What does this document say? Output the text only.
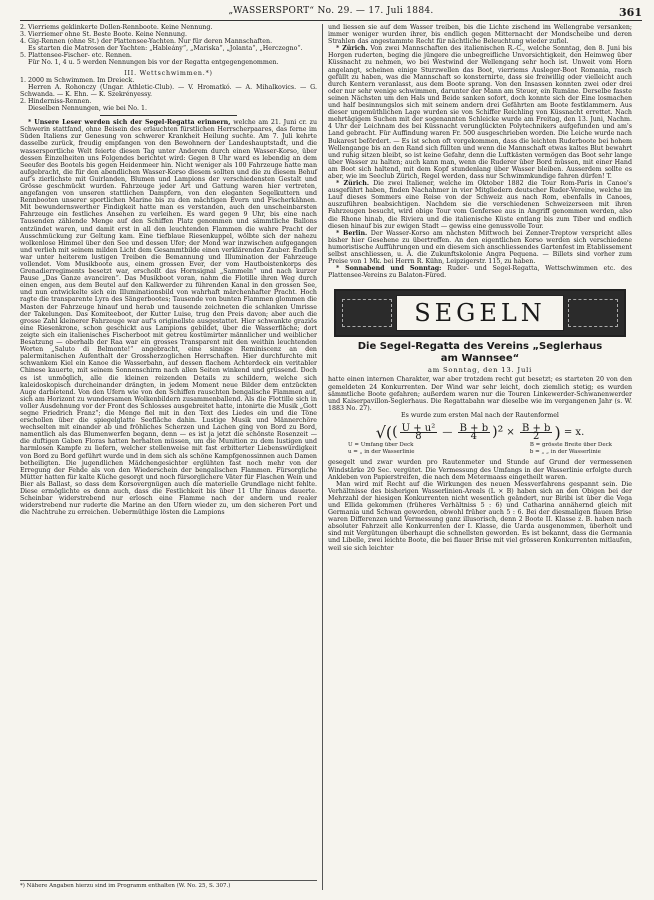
„WASSERSPORT“ No. 29. — 17. Juli 1884.	361

2. Vierriems geklinkerte Dollen-Rennboote. Keine Nennung.

3. Vierriemer ohne St. Beste Boote. Keine Nennung.

4. Gig-Rennen (ohne St.) der Plattensee-Yachten. Nur für deren Mannschaften.

Es starten die Matrosen der Yachten: „Hableány“, „Mariska“, „Jolanta“, „Herczegno“.

5. Plattensee-Fischer- etc. Rennen.

Für No. 1, 4 u. 5 werden Nennungen bis vor der Regatta entgegengenommen.

III. Wettschwimmen.*)

1. 2000 m Schwimmen. Im Dreieck.

Herren A. Rohonczy (Ungar. Athletic-Club). — V. Hromatkó. — A. Mihalkovics. — G. Schwanda. — K. Ehn. — K. Szekrényessy.

2. Hinderniss-Rennen.

Dieselben Nennungen, wie bei No. 1.

* Unsere Leser werden sich der Segel-Regatta erinnern, welche am 21. Juni cr. zu Schwerin stattfand, ohne Beisein des erlauchten fürstlichen Herrscherpaares, das ferne im Süden Italiens zur Genesung von schwerer Krankheit Heilung suchte. Am 7. Juli kehrte dasselbe zurück, freudig empfangen von den Bewohnern der Landeshauptstadt, und die wassersportliche Welt feierte diesen Tag unter Anderem durch einen Wasser-Korso, über dessen Einzelheiten uns Folgendes berichtet wird: Gegen 8 Uhr ward es lebendig an dem Seeufer des Bootels bis gegen Heidenmeer hin. Nicht weniger als 100 Fahrzeuge hatte man aufgebracht, die für den abendlichen Wasser-Korso diesem sollten und die zu diesem Behuf auf's zierlichste mit Guirlanden, Blumen und Lampions der verschiedensten Gestalt und Grösse geschmückt wurden. Fahrzeuge jeder Art und Gattung waren hier vertreten, angefangen von unseren stattlichen Dampfern, von den eleganten Segelkuttern und Rennbooten unserer sportlichen Marine bis zu den mächtigen Evern und Fischerkähnen. Mit bewundernswerther Findigkeit hatte man es verstanden, auch den unscheinbarsten Fahrzeuge ein festliches Ansehen zu verleihen. Es ward gegen 9 Uhr, bis eine nach Tausenden zählende Menge auf den Schiffen Platz genommen und sämmtliche Ballons entzündet waren, und damit erst in all den leuchtenden Flammen die wahre Pracht der Ausschmückung zur Geltung kam. Eine tiefblaue Riesenkuppel, wölbte sich der nahezu wolkenlose Himmel über den See und dessen Ufer; der Mond war inzwischen aufgegangen und verlieh mit seinem milden Licht dem Gesammtbilde einen verklärenden Zauber. Endlich war unter heiterem lustigen Treiben die Bemannung und Illumination der Fahrzeuge vollendet. Vom Musikboote aus, einem grossen Ever, der vom Hautboistenkorps des Grenadierregiments besetzt war, erschollt das Hornsignal „Sammeln“ und nach kurzer Pause „Das Ganze avanciren“. Das Musikboot voran, nahm die Flotille ihren Weg durch einen engen, aus dem Beutel auf den Kalkwerder zu führenden Kanal in den grossen See, und nun entwickelte sich ein Illuminationsbild von wahrhaft märchenhafter Pracht. Hoch ragte die transparente Lyra des Sängerbootes; Tausende von bunten Flammen glommen die Masten der Fahrzeuge hinauf und herab und tausende zeichneten die schlanken Umrisse der Takelungen. Das Komiteeboot, der Kutter Luise, trug den Preis davon; aber auch die grosse Zahl kleinerer Fahrzeuge war auf's originellste ausgestattet. Hier schwankte graziös eine Riesenkrone, schon geschickt aus Lampions gebildet, über die Wasserfläche; dort zeigte sich ein italienisches Fischerboot mit getreu kostümirter männlicher und weiblicher Besatzung — oberhalb der Raa war ein grosses Transparent mit den weithin leuchtenden Worten „Saluto di Belmonte!“ angebracht, eine sinnige Reminiscenz an den palermitanischen Aufenthalt der Grossherzoglichen Herrschaften. Hier durchfurchte mit schwankem Kiel ein Kanoe die Wasserbahn, auf dessen flachem Achterdeck ein veritabler Chinese kauerte, mit seinem Sonnenschirm nach allen Seiten winkend und grüssend. Doch es ist unmöglich, alle die kleinen reizenden Details zu schildern, welche sich kaleidoskopisch durcheinander drängten, in jedem Moment neue Bilder dem entzückten Auge darbietend. Von den Ufern wie von den Schiffen rauschten bengalische Flammen auf, sich am Horizont zu wundersamen Wolkenbildern zusammenballend. Als die Flottille sich in voller Ausdehnung vor der Front des Schlosses ausgebreitet hatte, intonirte die Musik „Gott segne Friedrich Franz“; die Menge fiel mit in den Text des Liedes ein und die Töne erschollen über die spiegelglatte Seefläche dahin. Lustige Musik und Männerchöre wechselten mit einander ab und fröhliches Scherzen und Lachen ging von Bord zu Bord, namentlich als das Blumenwerfen begann, denn — es ist ja jetzt die schönste Rosenzeit — die duftigen Gaben Floras hatten herhalten müssen, um die Munition zu dem lustigen und harmlosen Kampfe zu liefern, welcher stellenweise mit fast erbitterter Liebenswürdigkeit von Bord zu Bord geführt wurde und in dem sich als schöne Kampfgenossinnen auch Damen betheiligten. Die jugendlichen Mädchengesichter erglühten fast noch mehr von der Erregung der Fehde als von den Wiederschein der bengalischen Flammen. Fürsorgliche Mütter hatten für kalte Küche gesorgt und noch fürsorglichere Väter für Flaschen Wein und Bier als Ballast, so dass dem Korsovergnügen auch die materielle Grundlage nicht fehlte. Diese ermöglichte es denn auch, dass die Festlichkeit bis über 11 Uhr hinaus dauerte. Scheinbar widerstrebend nur erlosch eine Flamme nach der andern und realer widerstrebend nur ruderte die Marine an den Ufern wieder zu, um den sicheren Port und die Nachtruhe zu erreichen. Uebermüthige lösten die Lampions

*) Nähere Angaben hierzu sind im Programm enthalten (W. No. 25, S. 307.)

und liessen sie auf dem Wasser treiben, bis die Lichte zischend im Wellengrabe versanken; immer weniger wurden ihrer, bis endlich gegen Mitternacht der Mondscheibe und deren Strahlen das angestammte Recht für nächtliche Beleuchtung wieder zufiel.

* Zürich. Von zwei Mannschaften des italienischen R.-C., welche Sonntag, den 8. Juni bis Horgen ruderten, beging die jüngere die unbegreifliche Unvorsichtigkeit, den Heimweg über Küssnacht zu nehmen, wo bei Westwind der Wellengang sehr hoch ist. Unweit vom Horn angelangt, scheinen einige Sturzwellen das Boot, vierriems Ausleger-Boot Romania, rasch gefüllt zu haben, was die Mannschaft so konsternirte, dass sie freiwillig oder vielleicht auch durch Kentern veranlasst, aus dem Boote sprang. Von den Insassen konnten zwei oder drei oder nur sehr wenige schwimmen, darunter der Mann am Steuer, ein Rumäne. Derselbe fasste seinen Nächsten um den Hals und Beide sanken sofort, doch konnte sich der Eine losmachen und half besinnungslos sich mit seinem andern drei Gefährten am Boote festklammern. Aus dieser ungemüthlichen Lage wurden sie von Schiffer Reichling von Küssnacht errettet. Nach mehrtägigem Suchen mit der sogenannten Schleicke wurde am Freitag, den 13. Juni, Nachm. 4 Uhr der Leichnam des bei Küssnacht verunglückten Polytechnikers aufgefunden und am's Land gebracht. Für Auffindung waren Fr. 500 ausgeschrieben worden. Die Leiche wurde nach Bukarest befördert. — Es ist schon oft vorgekommen, dass die leichten Ruderboote bei hohem Wellengange bis an den Rand sich füllten und wenn die Mannschaft etwas kaltes Blut bewahrt und ruhig sitzen bleibt, so ist keine Gefahr, denn die Luftkästen vermögen das Boot sehr lange über Wasser zu halten; auch kann man, wenn die Ruderer über Bord müssen, mit einer Hand am Boot sich haltend, mit dem Kopf stundenlang über Wasser bleiben. Ausserdem sollte es aber, wie im Seeclub Zürich, Regel werden, dass nur Schwimmkundige fahren dürfen! T.

* Zürich. Die zwei Italiener, welche im Oktober 1882 die Tour Rom-Paris in Canoe's ausgeführt haben, finden Nachahmer in vier Mitgliedern deutscher Ruder-Vereine, welche im Lauf dieses Sommers eine Reise von der Schweiz aus nach Rom, ebenfalls in Canoes, auszuführen beabsichtigen. Nachdem sie die verschiedenen Schweizerseen mit ihren Fahrzeugen besucht, wird obige Tour vom Genfersee aus in Angriff genommen werden, also die Rhone hinab, die Riviera und die italienische Küste entlang bis zum Tiber und endlich diesen hinauf bis zur ewigen Stadt — gewiss eine genussvolle Tour.

* Berlin. Der Wasser-Korso am nächsten Mittwoch bei Zenner-Treptow verspricht alles bisher hier Gesehene zu übertreffen. An den eigentlichen Korso werden sich verschiedene humoristische Aufführungen und ein diesem sich anschliessendes Gartenfest im Etablissement selbst anschliessen, u. A. die Zukunftskolonie Angra Pequena. — Billets sind vorher zum Preise von 1 Mk. bei Herrn R. Kühn, Leipzigerstr. 115, zu haben.

* Sonnabend und Sonntag: Ruder- und Segel-Regatta, Wettschwimmen etc. des Plattensee-Vereins zu Balaton-Füred.

SEGELN
Die Segel-Regatta des Vereins „Seglerhaus
am Wannsee“

am Sonntag, den 13. Juli

hatte einen internen Charakter, war aber trotzdem recht gut besetzt; es starteten 20 von den gemeldeten 24 Konkurrenten. Der Wind war sehr leicht, doch ziemlich stetig; es wurden sämmtliche Boote gefahren; außerdem waren nur die Touren Linkewerder-Schwanenwerder und Kaiserpavillon-Seglerhaus. Die Regattabahn war dieselbe wie im vergangenen Jahr (s. W. 1883 No. 27).

Es wurde zum ersten Mal nach der Rautenformel

√( ( $\frac{\text{U + u²}}{8}$ — $\frac{B + b}{4} )^2 \times \frac{B + b}{2}$ )
= x.
U = Umfang über Deck
u = „ in der Wasserlinie
B = grösste Breite über Deck
b = „ „ in der Wasserlinie

gesegelt und zwar wurden pro Rautenmeter und Stunde auf Grund der vermessenen Windstärke 20 Sec. vergütet. Die Vermessung des Umfangs in der Wasserlinie erfolgte durch Ankleben von Papierstreifen, die nach dem Metermaass eingetheilt waren.

Man wird mit Recht auf die Wirkungen des neuen Messverfahrens gespannt sein. Die Verhältnisse des bisherigen Wasserlinien-Areals (L × B) haben sich an den Obigen bei der Mehrzahl der hiesigen Konkurrenten nicht wesentlich geändert, nur Biribi ist über die Vega und Ellida gekommen (früheres Verhältniss 5 : 6) und Catharina annähernd gleich mit Germania und Schwan geworden, obwohl früher auch 5 : 6. Bei der diesmaligen flauen Brise waren Differenzen und Vermessung ganz illusorisch, denn 2 Boote II. Klasse z. B. haben nach absoluter Fahrzeit alle Konkurrenten der I. Klasse, die Uarda ausgenommen, überholt und sind mit Vergütungen überhaupt die schnellsten geworden. Es ist bekannt, dass die Germania und Libelle, zwei leichte Boote, die bei flauer Brise mit viel grösseren Konkurrenten mitlaufen, weil sie sich leichter
